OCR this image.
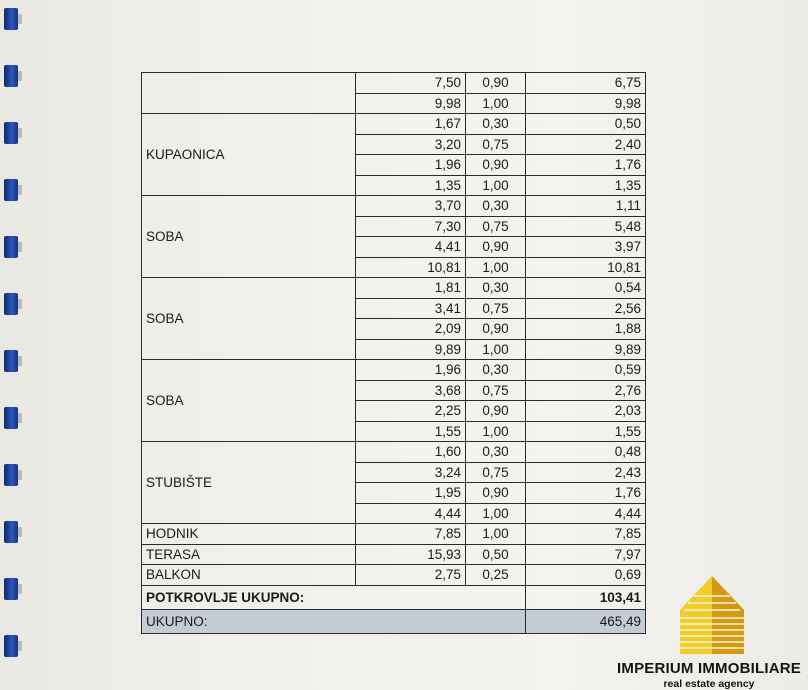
	7,50	0,90	6,75
	9,98	1,00	9,98
KUPAONICA	1,67	0,30	0,50
	3,20	0,75	2,40
	1,96	0,90	1,76
	1,35	1,00	1,35
SOBA	3,70	0,30	1,11
	7,30	0,75	5,48
	4,41	0,90	3,97
	10,81	1,00	10,81
SOBA	1,81	0,30	0,54
	3,41	0,75	2,56
	2,09	0,90	1,88
	9,89	1,00	9,89
SOBA	1,96	0,30	0,59
	3,68	0,75	2,76
	2,25	0,90	2,03
	1,55	1,00	1,55
STUBIŠTE	1,60	0,30	0,48
	3,24	0,75	2,43
	1,95	0,90	1,76
	4,44	1,00	4,44
HODNIK	7,85	1,00	7,85
TERASA	15,93	0,50	7,97
BALKON	2,75	0,25	0,69
POTKROVLJE UKUPNO:			103,41
UKUPNO:			465,49
IMPERIUM IMMOBILIARE
real estate agency
